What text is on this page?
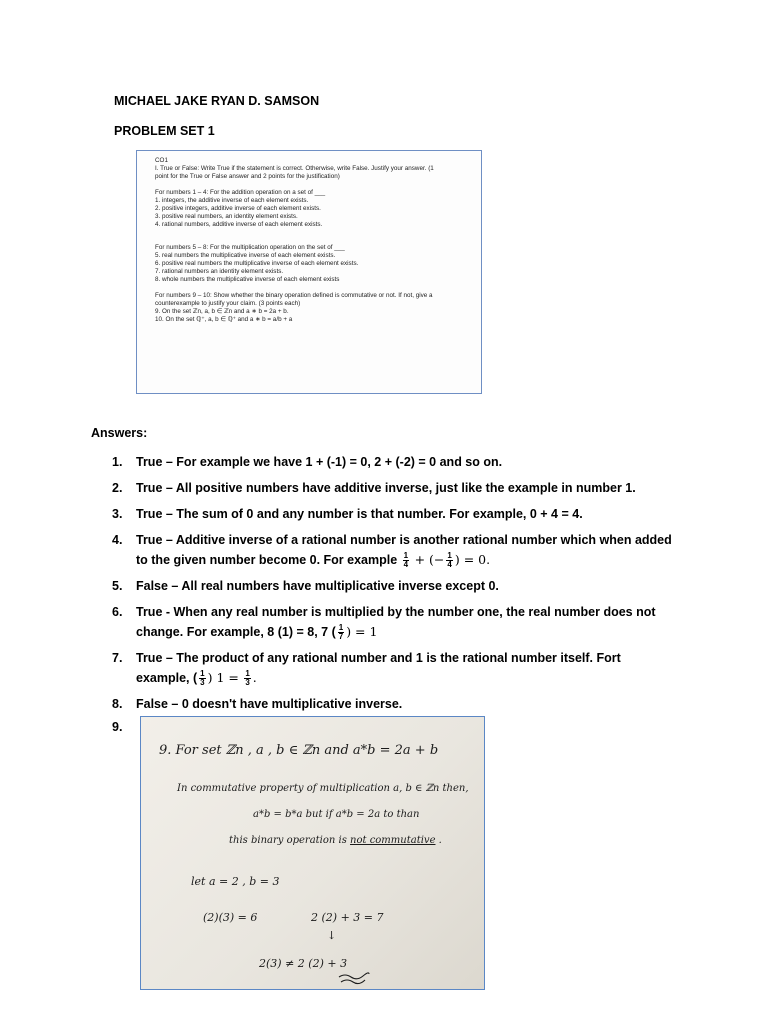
MICHAEL JAKE RYAN D. SAMSON
PROBLEM SET 1
CO1
I. True or False: Write True if the statement is correct. Otherwise, write False. Justify your answer. (1
point for the True or False answer and 2 points for the justification)
For numbers 1 – 4: For the addition operation on a set of ___
1. integers, the additive inverse of each element exists.
2. positive integers, additive inverse of each element exists.
3. positive real numbers, an identity element exists.
4. rational numbers, additive inverse of each element exists.
For numbers 5 – 8: For the multiplication operation on the set of ___
5. real numbers the multiplicative inverse of each element exists.
6. positive real numbers the multiplicative inverse of each element exists.
7. rational numbers an identity element exists.
8. whole numbers the multiplicative inverse of each element exists
For numbers 9 – 10: Show whether the binary operation defined is commutative or not. If not, give a
counterexample to justify your claim. (3 points each)
9. On the set ℤn, a, b ∈ ℤn and a ∗ b = 2a + b.
10. On the set ℚ⁺, a, b ∈ ℚ⁺ and a ∗ b = a/b + a
Answers:
1. True – For example we have 1 + (-1) = 0, 2 + (-2) = 0 and so on.
2. True – All positive numbers have additive inverse, just like the example in number 1.
3. True – The sum of 0 and any number is that number. For example, 0 + 4 = 4.
4. True – Additive inverse of a rational number is another rational number which when added to the given number become 0. For example $\frac{1}{4}$ + (− $\frac{1}{4}$ ) = 0.
5. False – All real numbers have multiplicative inverse except 0.
6. True - When any real number is multiplied by the number one, the real number does not change. For example, 8 (1) = 8, 7 ( $\frac{1}{7}$ ) = 1
7. True – The product of any rational number and 1 is the rational number itself. Fort example, ( $\frac{1}{3}$ ) $1 = \frac{1}{3}$ .
8. False – 0 doesn't have multiplicative inverse.
9.
9. For set ℤn , a , b ∈ ℤn and a*b = 2a + b
In commutative property of multiplication a, b ∈ ℤn then,
a*b = b*a but if a*b = 2a to than
this binary operation is not commutative .
let a = 2 , b = 3
(2)(3) = 6	2 (2) + 3 = 7
↓
2(3) ≠ 2 (2) + 3
